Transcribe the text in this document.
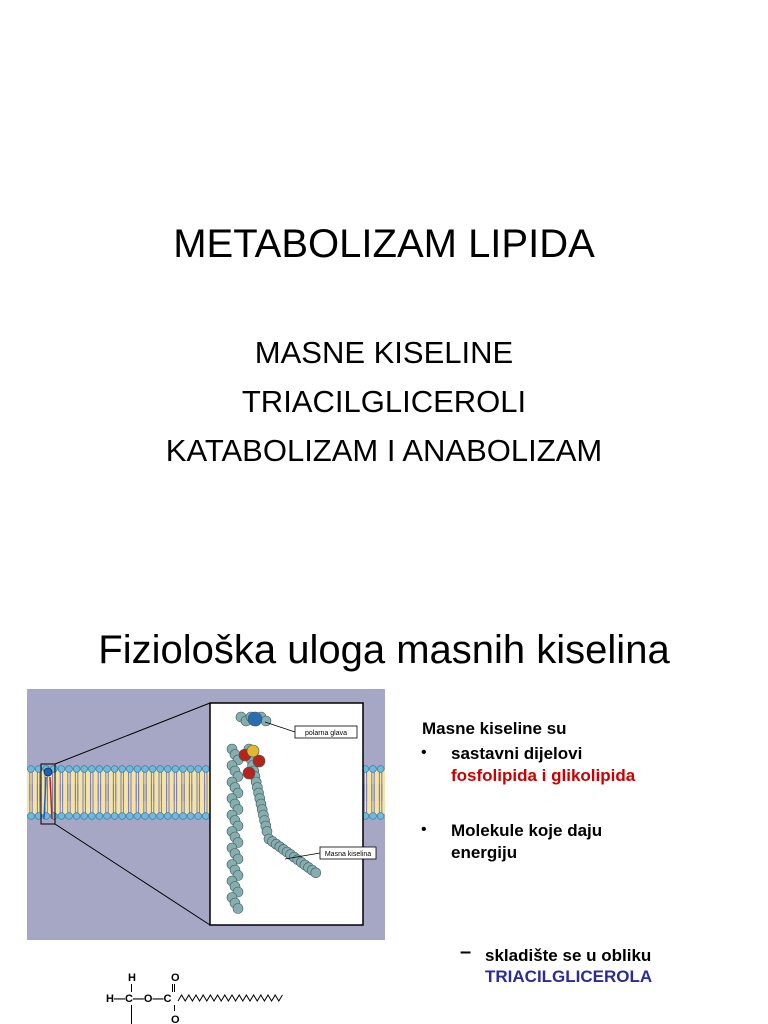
METABOLIZAM LIPIDA
MASNE KISELINE
TRIACILGLICEROLI
KATABOLIZAM I ANABOLIZAM
Fiziološka uloga masnih kiselina
polarna glava
Masna kiselina
Masne kiseline su
• sastavni dijelovi
fosfolipida i glikolipida
• Molekule koje daju
energiju
– skladište se u obliku
TRIACILGLICEROLA
H	O
H—C—O—C
O
